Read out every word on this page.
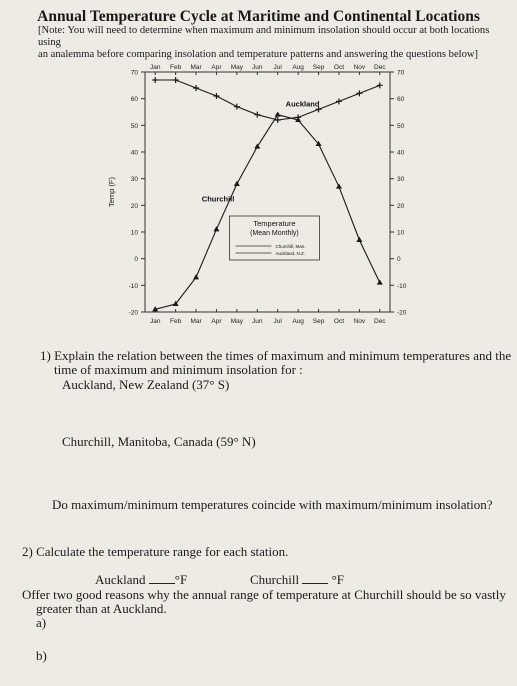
Annual Temperature Cycle at Maritime and Continental Locations
[Note: You will need to determine when maximum and minimum insolation should occur at both locations using
an analemma before comparing insolation and temperature patterns and answering the questions below]
70	70
60	60
50	50
40	40
30	30
20	20
10	10
0	0
-10	-10
-20	-20
Jan
Jan
Feb
Feb
Mar
Mar
Apr
Apr
May
May
Jun
Jun
Jul
Jul
Aug
Aug
Sep
Sep
Oct
Oct
Nov
Nov
Dec
Dec
Temp (F)
Auckland
Churchill
Temperature
(Mean Monthly)
Churchill, Man.
Auckland, N.Z.
1) Explain the relation between the times of maximum and minimum temperatures and the
time of maximum and minimum insolation for :
Auckland, New Zealand (37° S)
Churchill, Manitoba, Canada (59° N)
Do maximum/minimum temperatures coincide with maximum/minimum insolation?
2) Calculate the temperature range for each station.
Auckland °F	Churchill	°F
Offer two good reasons why the annual range of temperature at Churchill should be so vastly
greater than at Auckland.
a)
b)
